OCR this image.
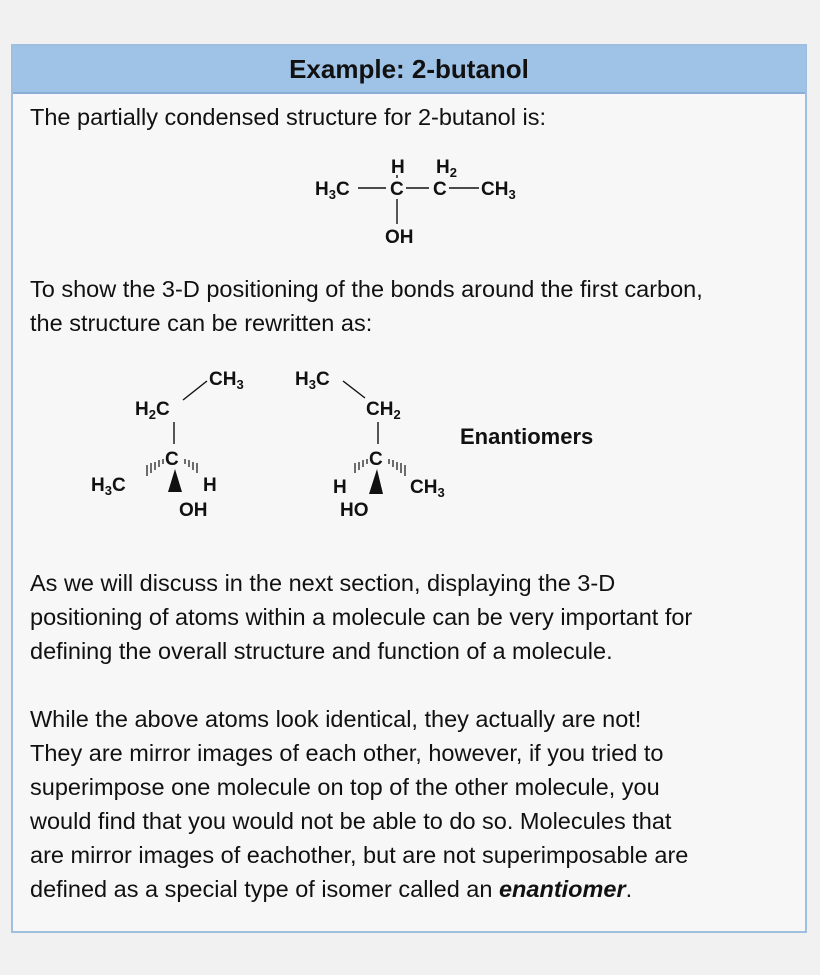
Example: 2-butanol

The partially condensed structure for 2-butanol is:

To show the 3-D positioning of the bonds around the first carbon,
the structure can be rewritten as:

As we will discuss in the next section, displaying the 3-D
positioning of atoms within a molecule can be very important for
defining the overall structure and function of a molecule.

While the above atoms look identical, they actually are not!
They are mirror images of each other, however, if you tried to
superimpose one molecule on top of the other molecule, you
would find that you would not be able to do so. Molecules that
are mirror images of eachother, but are not superimposable are
defined as a special type of isomer called an enantiomer.

$H_3C$
H
C
$H_2$
C $CH_3$
OH
$CH_3$
$H_2C$
C
$H_3C$	H
OH
$H_3C$
$CH_2$
C
H	$CH_3$
HO
Enantiomers
